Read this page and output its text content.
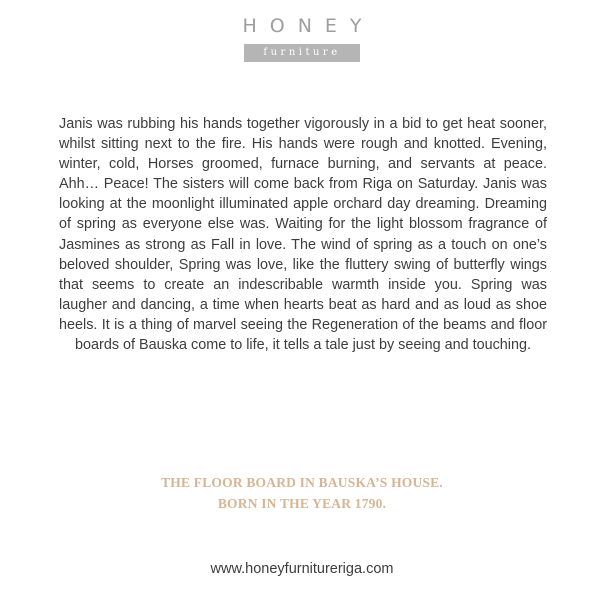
HONEY
furniture

Janis was rubbing his hands together vigorously in a bid to get heat sooner, whilst sitting next to the fire. His hands were rough and knotted. Evening, winter, cold, Horses groomed, furnace burning, and servants at peace. Ahh… Peace! The sisters will come back from Riga on Saturday. Janis was looking at the moonlight illuminated apple orchard day dreaming. Dreaming of spring as everyone else was. Waiting for the light blossom fragrance of Jasmines as strong as Fall in love. The wind of spring as a touch on one’s beloved shoulder, Spring was love, like the fluttery swing of butterfly wings that seems to create an indescribable warmth inside you. Spring was laugher and dancing, a time when hearts beat as hard and as loud as shoe heels. It is a thing of marvel seeing the Regeneration of the beams and floor boards of Bauska come to life, it tells a tale just by seeing and touching.

THE FLOOR BOARD IN BAUSKA’S HOUSE.
BORN IN THE YEAR 1790.
www.honeyfurnitureriga.com
